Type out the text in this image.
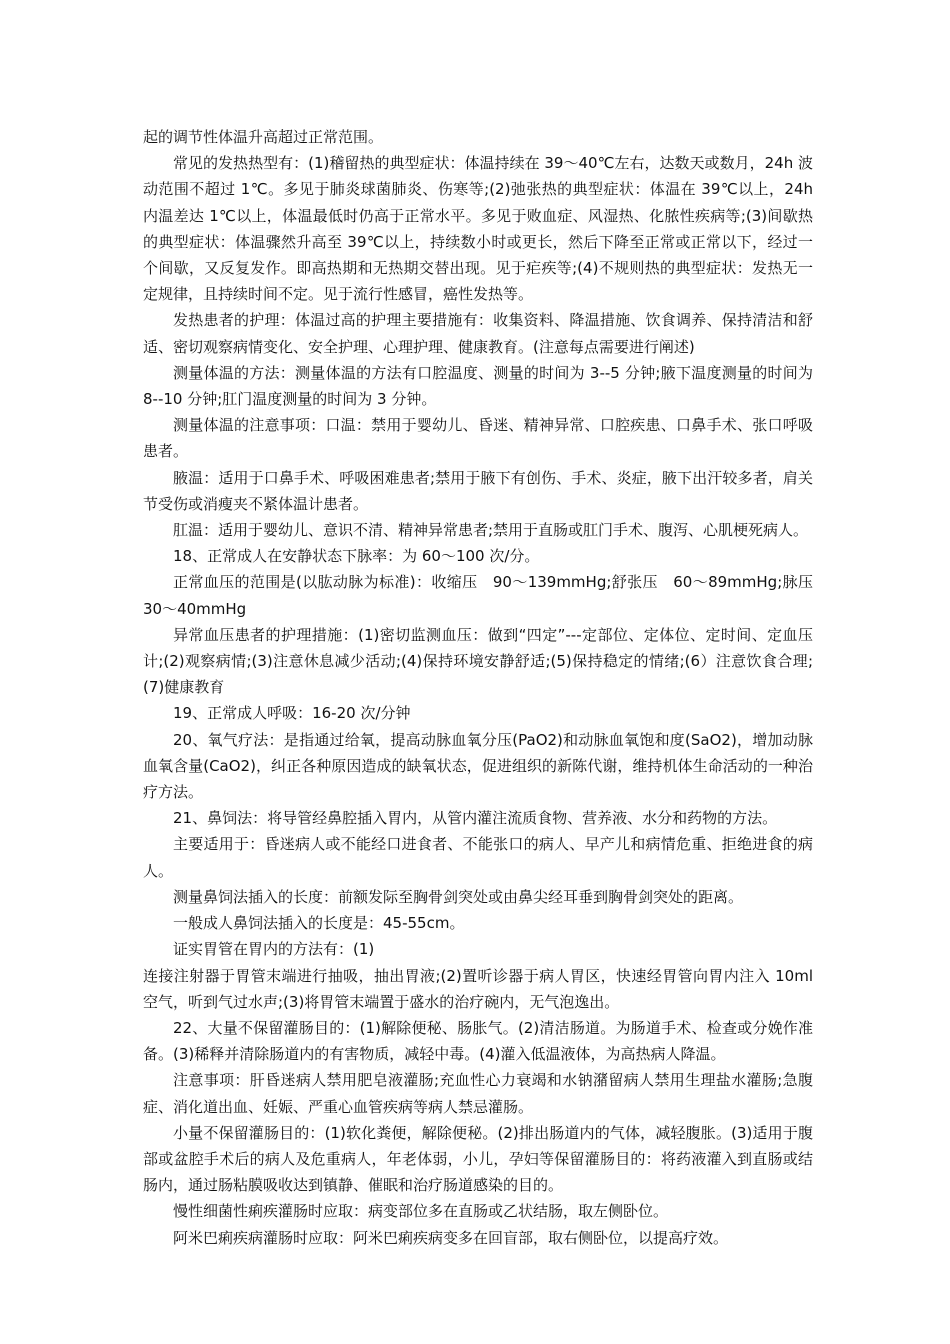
起的调节性体温升高超过正常范围。

常见的发热热型有：(1)稽留热的典型症状：体温持续在 39～40℃左右，达数天或数月，24h 波动范围不超过 1℃。多见于肺炎球菌肺炎、伤寒等;(2)弛张热的典型症状：体温在 39℃以上，24h 内温差达 1℃以上，体温最低时仍高于正常水平。多见于败血症、风湿热、化脓性疾病等;(3)间歇热的典型症状：体温骤然升高至 39℃以上，持续数小时或更长，然后下降至正常或正常以下，经过一个间歇，又反复发作。即高热期和无热期交替出现。见于疟疾等;(4)不规则热的典型症状：发热无一定规律，且持续时间不定。见于流行性感冒，癌性发热等。

发热患者的护理：体温过高的护理主要措施有：收集资料、降温措施、饮食调养、保持清洁和舒适、密切观察病情变化、安全护理、心理护理、健康教育。(注意每点需要进行阐述)

测量体温的方法：测量体温的方法有口腔温度、测量的时间为 3--5 分钟;腋下温度测量的时间为 8--10 分钟;肛门温度测量的时间为 3 分钟。

测量体温的注意事项：口温：禁用于婴幼儿、昏迷、精神异常、口腔疾患、口鼻手术、张口呼吸患者。

腋温：适用于口鼻手术、呼吸困难患者;禁用于腋下有创伤、手术、炎症，腋下出汗较多者，肩关节受伤或消瘦夹不紧体温计患者。

肛温：适用于婴幼儿、意识不清、精神异常患者;禁用于直肠或肛门手术、腹泻、心肌梗死病人。

18、正常成人在安静状态下脉率：为 60～100 次/分。

正常血压的范围是(以肱动脉为标准)：收缩压　90～139mmHg;舒张压　60～89mmHg;脉压 30～40mmHg

异常血压患者的护理措施：(1)密切监测血压：做到“四定”---定部位、定体位、定时间、定血压计;(2)观察病情;(3)注意休息减少活动;(4)保持环境安静舒适;(5)保持稳定的情绪;(6）注意饮食合理;(7)健康教育

19、正常成人呼吸：16-20 次/分钟

20、氧气疗法：是指通过给氧，提高动脉血氧分压(PaO2)和动脉血氧饱和度(SaO2)，增加动脉血氧含量(CaO2)，纠正各种原因造成的缺氧状态，促进组织的新陈代谢，维持机体生命活动的一种治疗方法。

21、鼻饲法：将导管经鼻腔插入胃内，从管内灌注流质食物、营养液、水分和药物的方法。

主要适用于：昏迷病人或不能经口进食者、不能张口的病人、早产儿和病情危重、拒绝进食的病人。

测量鼻饲法插入的长度：前额发际至胸骨剑突处或由鼻尖经耳垂到胸骨剑突处的距离。

一般成人鼻饲法插入的长度是：45-55cm。

证实胃管在胃内的方法有：(1)

连接注射器于胃管末端进行抽吸，抽出胃液;(2)置听诊器于病人胃区，快速经胃管向胃内注入 10ml 空气，听到气过水声;(3)将胃管末端置于盛水的治疗碗内，无气泡逸出。

22、大量不保留灌肠目的：(1)解除便秘、肠胀气。(2)清洁肠道。为肠道手术、检查或分娩作准备。(3)稀释并清除肠道内的有害物质，减轻中毒。(4)灌入低温液体，为高热病人降温。

注意事项：肝昏迷病人禁用肥皂液灌肠;充血性心力衰竭和水钠潴留病人禁用生理盐水灌肠;急腹症、消化道出血、妊娠、严重心血管疾病等病人禁忌灌肠。

小量不保留灌肠目的：(1)软化粪便，解除便秘。(2)排出肠道内的气体，减轻腹胀。(3)适用于腹部或盆腔手术后的病人及危重病人，年老体弱，小儿，孕妇等保留灌肠目的：将药液灌入到直肠或结肠内，通过肠粘膜吸收达到镇静、催眠和治疗肠道感染的目的。

慢性细菌性痢疾灌肠时应取：病变部位多在直肠或乙状结肠，取左侧卧位。

阿米巴痢疾病灌肠时应取：阿米巴痢疾病变多在回盲部，取右侧卧位，以提高疗效。
